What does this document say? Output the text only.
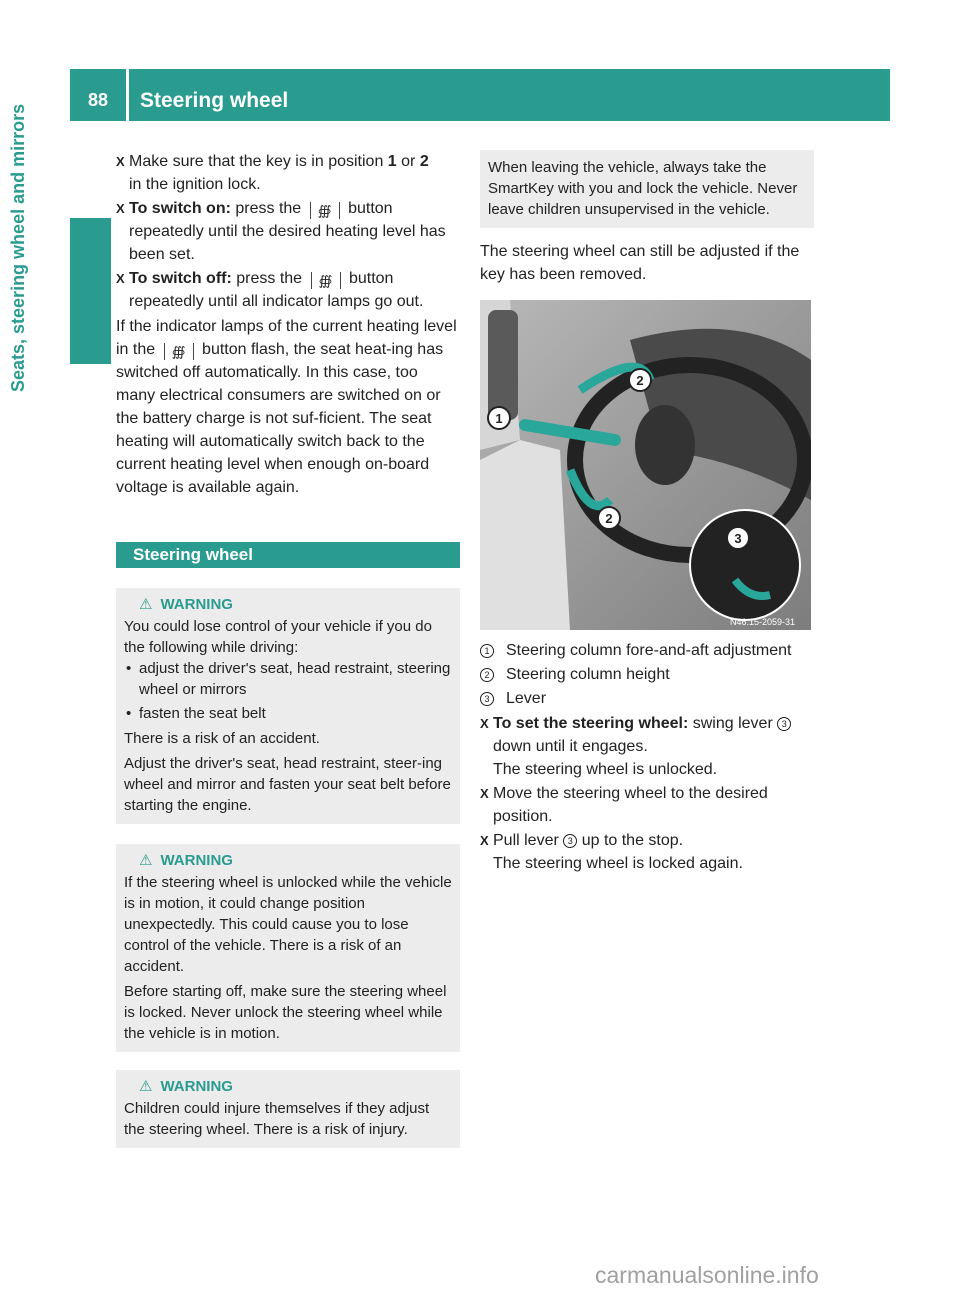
88	Steering wheel
Seats, steering wheel and mirrors	X Make sure that the key is in position 1 or 2
in the ignition lock.

X To switch on: press the ∰ button
repeatedly until the desired heating level has been set.

X To switch off: press the ∰ button
repeatedly until all indicator lamps go out.

If the indicator lamps of the current heating level in the ∰ button flash, the seat heat-ing has switched off automatically. In this case, too many electrical consumers are switched on or the battery charge is not suf-ficient. The seat heating will automatically switch back to the current heating level when enough on-board voltage is available again.

Steering wheel
⚠ WARNING

You could lose control of your vehicle if you do the following while driving:

• adjust the driver's seat, head restraint, steering wheel or mirrors

• fasten the seat belt

There is a risk of an accident.

Adjust the driver's seat, head restraint, steer-ing wheel and mirror and fasten your seat belt before starting the engine.

⚠ WARNING

If the steering wheel is unlocked while the vehicle is in motion, it could change position unexpectedly. This could cause you to lose control of the vehicle. There is a risk of an accident.

Before starting off, make sure the steering wheel is locked. Never unlock the steering wheel while the vehicle is in motion.

⚠ WARNING

Children could injure themselves if they adjust the steering wheel. There is a risk of injury.

When leaving the vehicle, always take the SmartKey with you and lock the vehicle. Never leave children unsupervised in the vehicle.

The steering wheel can still be adjusted if the key has been removed.

1
2
2
3
N46.15-2059-31

1 Steering column fore-and-aft adjustment

2 Steering column height

3 Lever

X To set the steering wheel: swing lever 3
down until it engages.
The steering wheel is unlocked.

X Move the steering wheel to the desired position.

X Pull lever 3 up to the stop.
The steering wheel is locked again.

carmanualsonline.info
